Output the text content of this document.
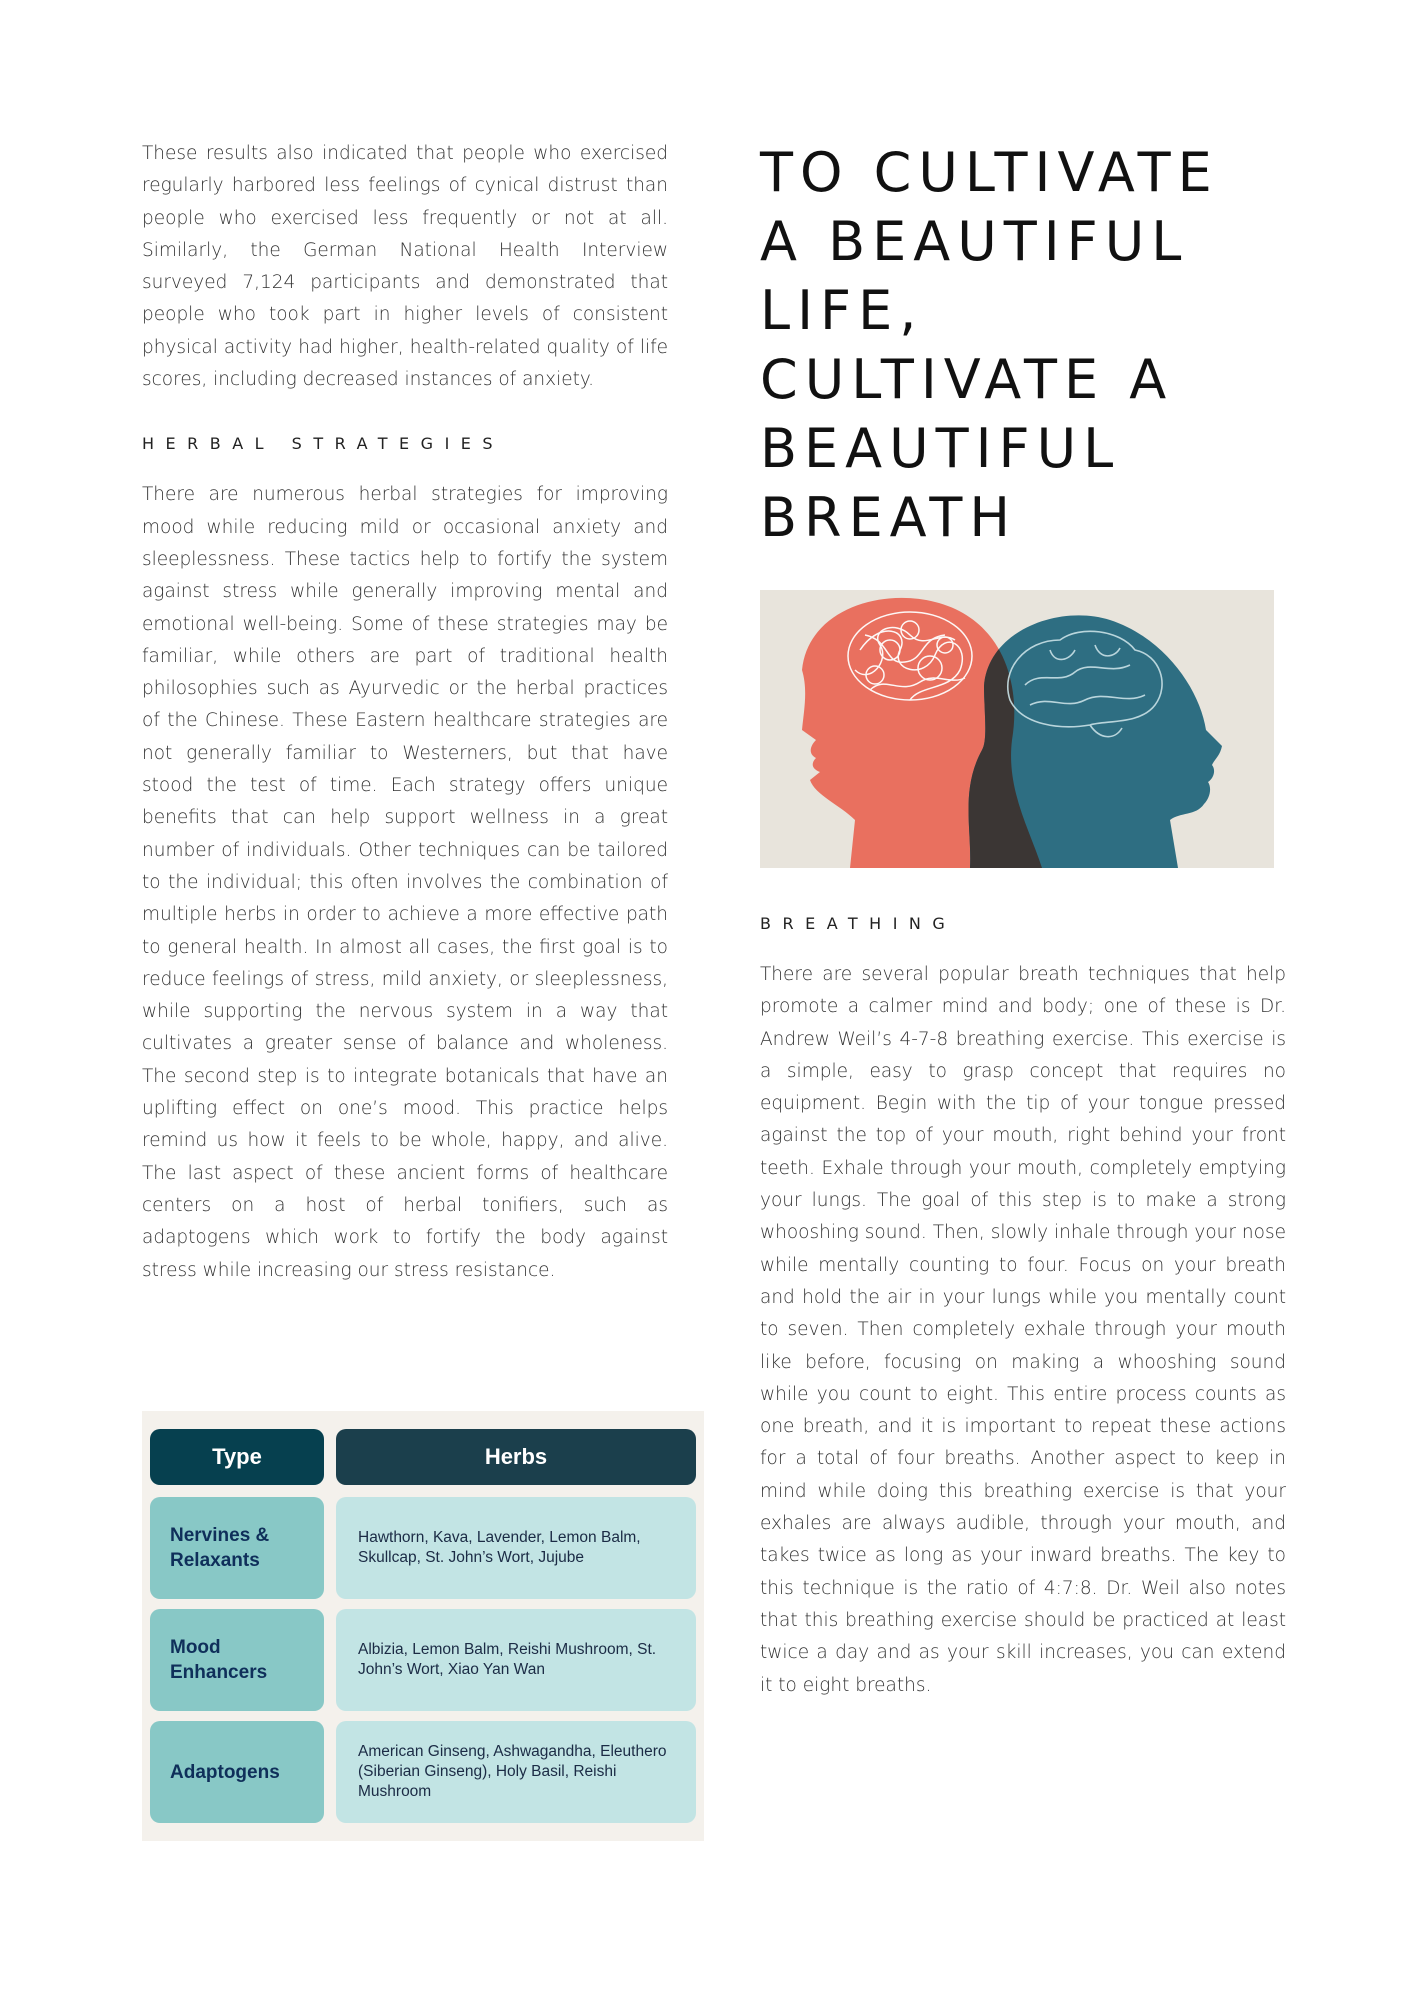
These results also indicated that people who exercised regularly harbored less feelings of cynical distrust than people who exercised less frequently or not at all. Similarly, the German National Health Interview surveyed 7,124 participants and demonstrated that people who took part in higher levels of consistent physical activity had higher, health-related quality of life scores, including decreased instances of anxiety.

HERBAL STRATEGIES

There are numerous herbal strategies for improving mood while reducing mild or occasional anxiety and sleeplessness. These tactics help to fortify the system against stress while generally improving mental and emotional well-being. Some of these strategies may be familiar, while others are part of traditional health philosophies such as Ayurvedic or the herbal practices of the Chinese. These Eastern healthcare strategies are not generally familiar to Westerners, but that have stood the test of time. Each strategy offers unique benefits that can help support wellness in a great number of individuals. Other techniques can be tailored to the individual; this often involves the combination of multiple herbs in order to achieve a more effective path to general health. In almost all cases, the first goal is to reduce feelings of stress, mild anxiety, or sleeplessness, while supporting the nervous system in a way that cultivates a greater sense of balance and wholeness. The second step is to integrate botanicals that have an uplifting effect on one’s mood. This practice helps remind us how it feels to be whole, happy, and alive. The last aspect of these ancient forms of healthcare centers on a host of herbal tonifiers, such as adaptogens which work to fortify the body against stress while increasing our stress resistance.

Type	Herbs
Nervines & Relaxants
Hawthorn, Kava, Lavender, Lemon Balm, Skullcap, St. John’s Wort, Jujube
Mood Enhancers
Albizia, Lemon Balm, Reishi Mushroom, St. John’s Wort, Xiao Yan Wan
Adaptogens
American Ginseng, Ashwagandha, Eleuthero (Siberian Ginseng), Holy Basil, Reishi Mushroom
TO CULTIVATE A BEAUTIFUL LIFE, CULTIVATE A BEAUTIFUL BREATH

BREATHING

There are several popular breath techniques that help promote a calmer mind and body; one of these is Dr. Andrew Weil’s 4-7-8 breathing exercise. This exercise is a simple, easy to grasp concept that requires no equipment. Begin with the tip of your tongue pressed against the top of your mouth, right behind your front teeth. Exhale through your mouth, completely emptying your lungs. The goal of this step is to make a strong whooshing sound. Then, slowly inhale through your nose while mentally counting to four. Focus on your breath and hold the air in your lungs while you mentally count to seven. Then completely exhale through your mouth like before, focusing on making a whooshing sound while you count to eight. This entire process counts as one breath, and it is important to repeat these actions for a total of four breaths. Another aspect to keep in mind while doing this breathing exercise is that your exhales are always audible, through your mouth, and takes twice as long as your inward breaths. The key to this technique is the ratio of 4:7:8. Dr. Weil also notes that this breathing exercise should be practiced at least twice a day and as your skill increases, you can extend it to eight breaths.
